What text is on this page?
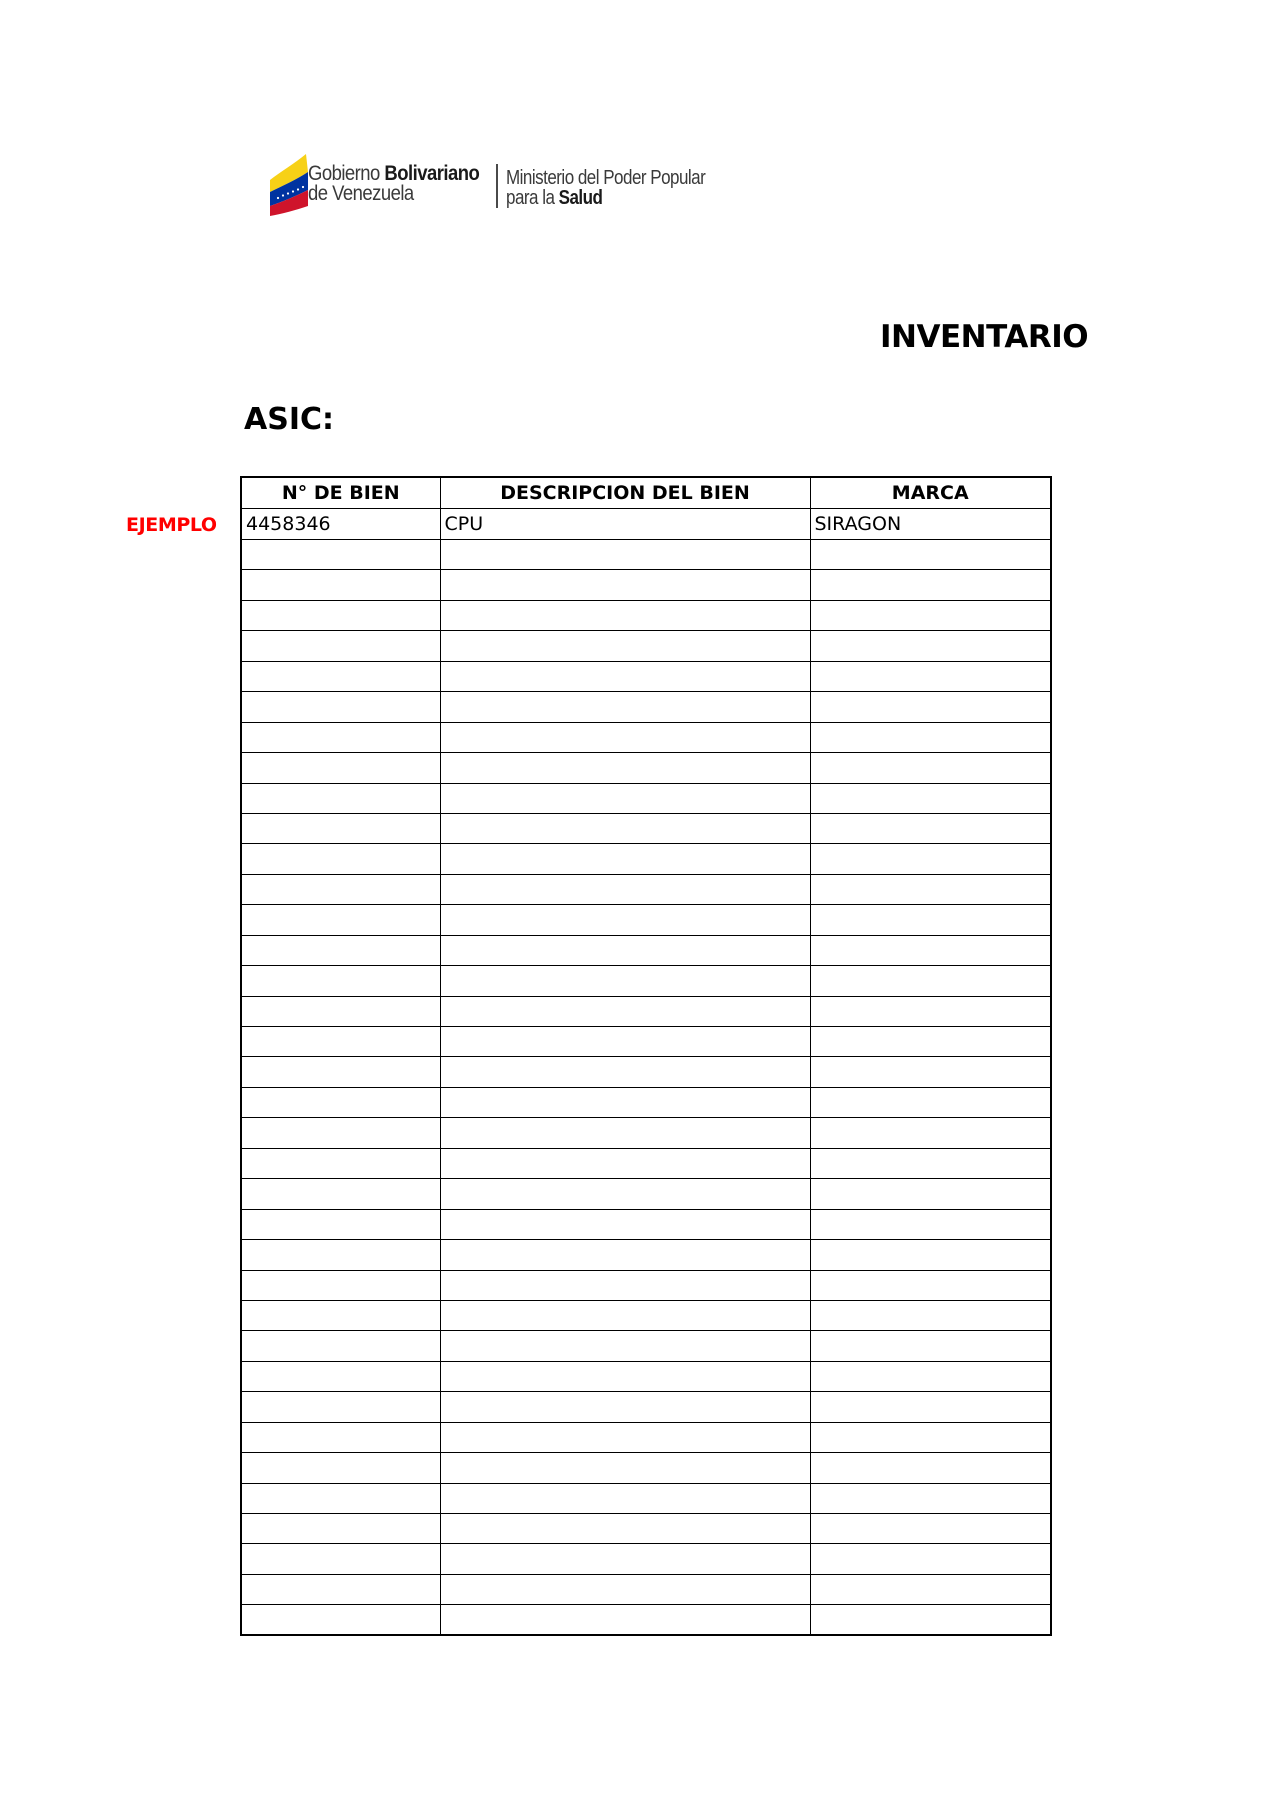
Gobierno Bolivariano
de Venezuela
Ministerio del Poder Popular
para la Salud
INVENTARIO
ASIC:
EJEMPLO
N° DE BIEN	DESCRIPCION DEL BIEN	MARCA
4458346	CPU	SIRAGON
